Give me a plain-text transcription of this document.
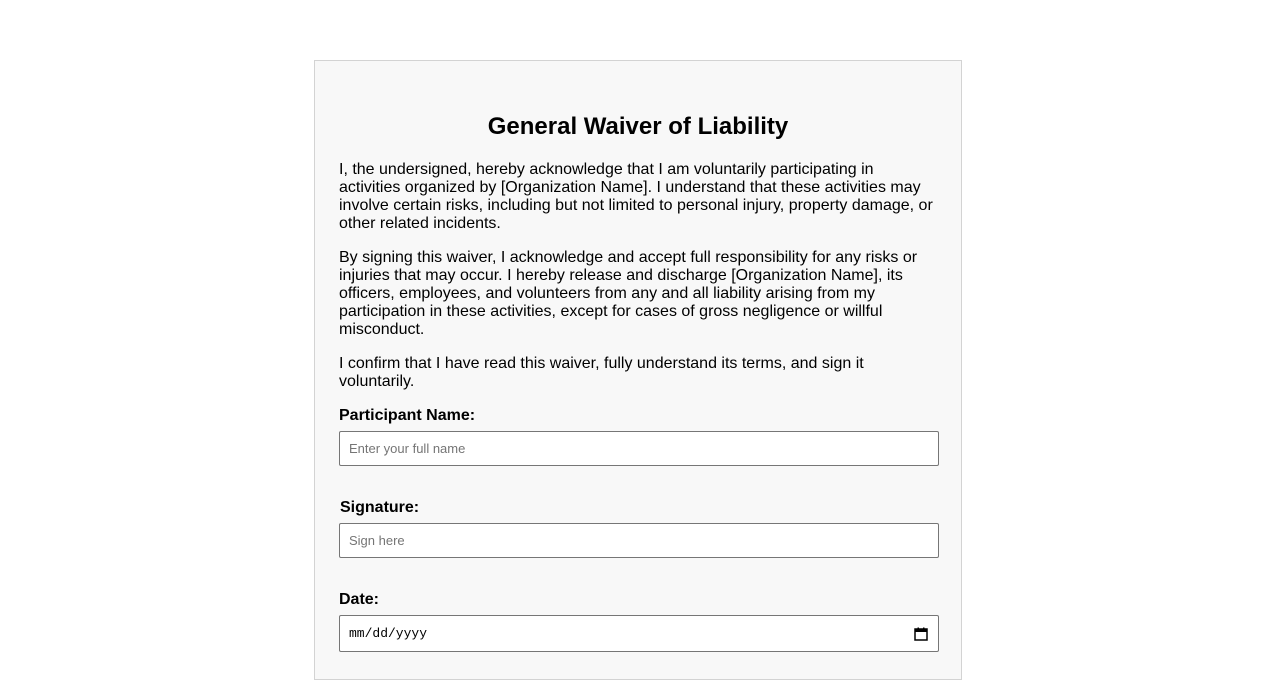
General Waiver of Liability

I, the undersigned, hereby acknowledge that I am voluntarily participating in activities organized by [Organization Name]. I understand that these activities may involve certain risks, including but not limited to personal injury, property damage, or other related incidents.

By signing this waiver, I acknowledge and accept full responsibility for any risks or injuries that may occur. I hereby release and discharge [Organization Name], its officers, employees, and volunteers from any and all liability arising from my participation in these activities, except for cases of gross negligence or willful misconduct.

I confirm that I have read this waiver, fully understand its terms, and sign it voluntarily.

Participant Name:
Enter your full name
Signature:
Sign here
Date:
mm/dd/yyyy
